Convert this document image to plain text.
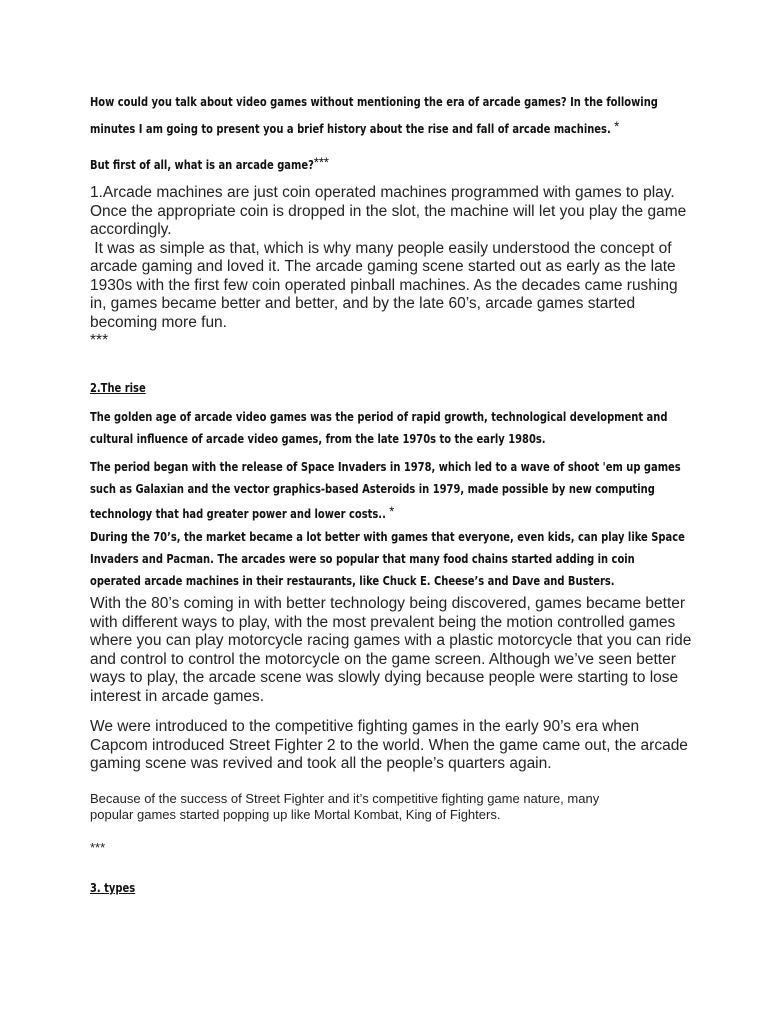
How could you talk about video games without mentioning the era of arcade games? In the following
minutes I am going to present you a brief history about the rise and fall of arcade machines. *
But first of all, what is an arcade game?***
1.Arcade machines are just coin operated machines programmed with games to play.
Once the appropriate coin is dropped in the slot, the machine will let you play the game
accordingly.
It was as simple as that, which is why many people easily understood the concept of
arcade gaming and loved it. The arcade gaming scene started out as early as the late
1930s with the first few coin operated pinball machines. As the decades came rushing
in, games became better and better, and by the late 60’s, arcade games started
becoming more fun.
***
2.The rise
The golden age of arcade video games was the period of rapid growth, technological development and
cultural influence of arcade video games, from the late 1970s to the early 1980s.
The period began with the release of Space Invaders in 1978, which led to a wave of shoot 'em up games
such as Galaxian and the vector graphics-based Asteroids in 1979, made possible by new computing
technology that had greater power and lower costs.. *
During the 70’s, the market became a lot better with games that everyone, even kids, can play like Space
Invaders and Pacman. The arcades were so popular that many food chains started adding in coin
operated arcade machines in their restaurants, like Chuck E. Cheese’s and Dave and Busters.
With the 80’s coming in with better technology being discovered, games became better
with different ways to play, with the most prevalent being the motion controlled games
where you can play motorcycle racing games with a plastic motorcycle that you can ride
and control to control the motorcycle on the game screen. Although we’ve seen better
ways to play, the arcade scene was slowly dying because people were starting to lose
interest in arcade games.
We were introduced to the competitive fighting games in the early 90’s era when
Capcom introduced Street Fighter 2 to the world. When the game came out, the arcade
gaming scene was revived and took all the people’s quarters again.
Because of the success of Street Fighter and it’s competitive fighting game nature, many
popular games started popping up like Mortal Kombat, King of Fighters.
***
3. types
